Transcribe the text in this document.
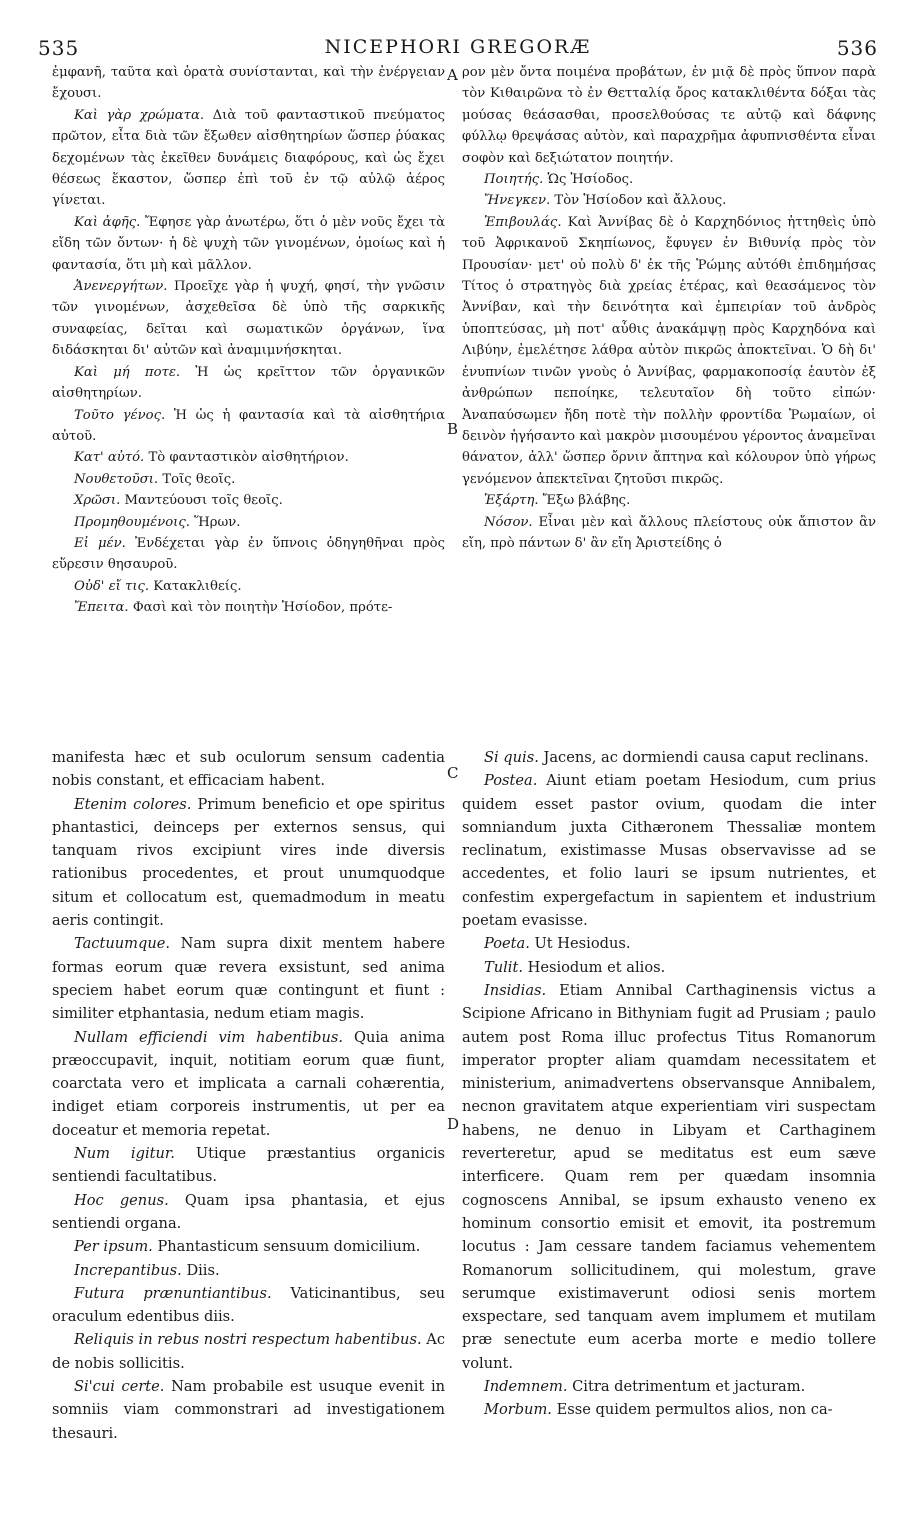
535	NICEPHORI GREGORÆ	536
A
B
C
D

ἐμφανῆ, ταῦτα καὶ ὁρατὰ συνίστανται, καὶ τὴν ἐνέργειαν ἔχουσι.

Καὶ γὰρ χρώματα. Διὰ τοῦ φανταστικοῦ πνεύματος πρῶτον, εἶτα διὰ τῶν ἔξωθεν αἰσθητηρίων ὥσπερ ῥύακας δεχομένων τὰς ἐκεῖθεν δυνάμεις διαφόρους, καὶ ὡς ἔχει θέσεως ἕκαστον, ὥσπερ ἐπὶ τοῦ ἐν τῷ αὐλῷ ἀέρος γίνεται.

Καὶ ἀφῆς. Ἔφησε γὰρ ἀνωτέρω, ὅτι ὁ μὲν νοῦς ἔχει τὰ εἴδη τῶν ὄντων· ἡ δὲ ψυχὴ τῶν γινομένων, ὁμοίως καὶ ἡ φαντασία, ὅτι μὴ καὶ μᾶλλον.

Ἀνενεργήτων. Προεῖχε γὰρ ἡ ψυχή, φησί, τὴν γνῶσιν τῶν γινομένων, ἀσχεθεῖσα δὲ ὑπὸ τῆς σαρκικῆς συναφείας, δεῖται καὶ σωματικῶν ὀργάνων, ἵνα διδάσκηται δι' αὐτῶν καὶ ἀναμιμνήσκηται.

Καὶ μή ποτε. Ἡ ὡς κρεῖττον τῶν ὀργανικῶν αἰσθητηρίων.

Τοῦτο γένος. Ἡ ὡς ἡ φαντασία καὶ τὰ αἰσθητήρια αὐτοῦ.

Κατ' αὐτό. Τὸ φανταστικὸν αἰσθητήριον.

Νουθετοῦσι. Τοῖς θεοῖς.

Χρῶσι. Μαντεύουσι τοῖς θεοῖς.

Προμηθουμένοις. Ἥρων.

Εἰ μέν. Ἐνδέχεται γὰρ ἐν ὕπνοις ὁδηγηθῆναι πρὸς εὕρεσιν θησαυροῦ.

Οὐδ' εἴ τις. Κατακλιθείς.

Ἔπειτα. Φασὶ καὶ τὸν ποιητὴν Ἡσίοδον, πρότε-

ρον μὲν ὄντα ποιμένα προβάτων, ἐν μιᾷ δὲ πρὸς ὕπνον παρὰ τὸν Κιθαιρῶνα τὸ ἐν Θετταλίᾳ ὄρος κατακλιθέντα δόξαι τὰς μούσας θεάσασθαι, προσελθούσας τε αὐτῷ καὶ δάφνης φύλλῳ θρεψάσας αὐτὸν, καὶ παραχρῆμα ἀφυπνισθέντα εἶναι σοφὸν καὶ δεξιώτατον ποιητήν.

Ποιητής. Ὡς Ἡσίοδος.

Ἤνεγκεν. Τὸν Ἡσίοδον καὶ ἄλλους.

Ἐπιβουλάς. Καὶ Ἀννίβας δὲ ὁ Καρχηδόνιος ἡττηθεὶς ὑπὸ τοῦ Ἀφρικανοῦ Σκηπίωνος, ἔφυγεν ἐν Βιθυνίᾳ πρὸς τὸν Προυσίαν· μετ' οὐ πολὺ δ' ἐκ τῆς Ῥώμης αὐτόθι ἐπιδημήσας Τίτος ὁ στρατηγὸς διὰ χρείας ἑτέρας, καὶ θεασάμενος τὸν Ἀννίβαν, καὶ τὴν δεινότητα καὶ ἐμπειρίαν τοῦ ἀνδρὸς ὑποπτεύσας, μὴ ποτ' αὖθις ἀνακάμψῃ πρὸς Καρχηδόνα καὶ Λιβύην, ἐμελέτησε λάθρα αὐτὸν πικρῶς ἀποκτεῖναι. Ὁ δὴ δι' ἐνυπνίων τινῶν γνοὺς ὁ Ἀννίβας, φαρμακοποσίᾳ ἑαυτὸν ἐξ ἀνθρώπων πεποίηκε, τελευταῖον δὴ τοῦτο εἰπών· Ἀναπαύσωμεν ἤδη ποτὲ τὴν πολλὴν φροντίδα Ῥωμαίων, οἱ δεινὸν ἡγήσαντο καὶ μακρὸν μισουμένου γέροντος ἀναμεῖναι θάνατον, ἀλλ' ὥσπερ ὄρνιν ἄπτηνα καὶ κόλουρον ὑπὸ γήρως γενόμενον ἀπεκτεῖναι ζητοῦσι πικρῶς.

Ἐξάρτη. Ἔξω βλάβης.

Νόσον. Εἶναι μὲν καὶ ἄλλους πλείστους οὐκ ἄπιστον ἂν εἴη, πρὸ πάντων δ' ἂν εἴη Ἀριστείδης ὁ

manifesta hæc et sub oculorum sensum cadentia nobis constant, et efficaciam habent.

Etenim colores. Primum beneficio et ope spiritus phantastici, deinceps per externos sensus, qui tanquam rivos excipiunt vires inde diversis rationibus procedentes, et prout unumquodque situm et collocatum est, quemadmodum in meatu aeris contingit.

Tactuumque. Nam supra dixit mentem habere formas eorum quæ revera exsistunt, sed anima speciem habet eorum quæ contingunt et fiunt : similiter etphantasia, nedum etiam magis.

Nullam efficiendi vim habentibus. Quia anima præoccupavit, inquit, notitiam eorum quæ fiunt, coarctata vero et implicata a carnali cohærentia, indiget etiam corporeis instrumentis, ut per ea doceatur et memoria repetat.

Num igitur. Utique præstantius organicis sentiendi facultatibus.

Hoc genus. Quam ipsa phantasia, et ejus sentiendi organa.

Per ipsum. Phantasticum sensuum domicilium.

Increpantibus. Diis.

Futura prænuntiantibus. Vaticinantibus, seu oraculum edentibus diis.

Reliquis in rebus nostri respectum habentibus. Ac de nobis sollicitis.

Si'cui certe. Nam probabile est usuque evenit in somniis viam commonstrari ad investigationem thesauri.

Si quis. Jacens, ac dormiendi causa caput reclinans.

Postea. Aiunt etiam poetam Hesiodum, cum prius quidem esset pastor ovium, quodam die inter somniandum juxta Cithæronem Thessaliæ montem reclinatum, existimasse Musas observavisse ad se accedentes, et folio lauri se ipsum nutrientes, et confestim expergefactum in sapientem et industrium poetam evasisse.

Poeta. Ut Hesiodus.

Tulit. Hesiodum et alios.

Insidias. Etiam Annibal Carthaginensis victus a Scipione Africano in Bithyniam fugit ad Prusiam ; paulo autem post Roma illuc profectus Titus Romanorum imperator propter aliam quamdam necessitatem et ministerium, animadvertens observansque Annibalem, necnon gravitatem atque experientiam viri suspectam habens, ne denuo in Libyam et Carthaginem reverteretur, apud se meditatus est eum sæve interficere. Quam rem per quædam insomnia cognoscens Annibal, se ipsum exhausto veneno ex hominum consortio emisit et emovit, ita postremum locutus : Jam cessare tandem faciamus vehementem Romanorum sollicitudinem, qui molestum, grave serumque existimaverunt odiosi senis mortem exspectare, sed tanquam avem implumem et mutilam præ senectute eum acerba morte e medio tollere volunt.

Indemnem. Citra detrimentum et jacturam.

Morbum. Esse quidem permultos alios, non ca-
